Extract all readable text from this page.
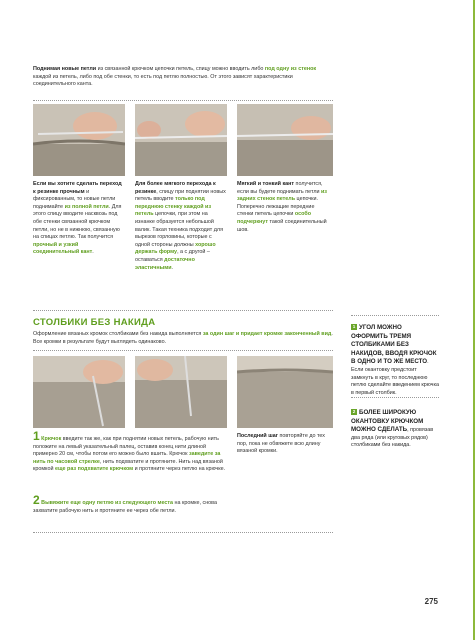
Поднимая новые петли из связанной крючком цепочки петель, спицу можно вводить либо под одну из стенок каждой из петель, либо под обе стенки, то есть под петлю полностью. От этого зависят характеристики соединительного канта.

Если вы хотите сделать переход к резинке прочным и фиксированным, то новые петли поднимайте из полной петли. Для этого спицу вводите насквозь под обе стенки связанной крючком петли, но не в нижнюю, связанную на спицах петлю. Так получится прочный и узкий соединительный кант.

Для более мягкого перехода к резинке, спицу при поднятии новых петель вводите только под переднюю стенку каждой из петель цепочки, при этом на изнанке образуется небольшой валик. Такая техника подходит для вырезов горловины, которые с одной стороны должны хорошо держать форму, а с другой – оставаться достаточно эластичными.

Мягкий и тонкий кант получится, если вы будете поднимать петли из задних стенок петель цепочки. Поперечно лежащие передние стенки петель цепочки особо подчеркнут такой соединительный шов.

СТОЛБИКИ БЕЗ НАКИДА

Оформление вязаных кромок столбиками без накида выполняется за один шаг и придает кромке законченный вид. Все кромки в результате будут выглядеть одинаково.

1 Крючок введите так же, как при поднятии новых петель, рабочую нить положите на левый указательный палец, оставив конец нити длиной примерно 20 см, чтобы потом его можно было вшить. Крючок заведите за нить по часовой стрелке, нить подхватите и протяните. Нить над вязаной кромкой еще раз подхватите крючком и протяните через петлю на крючке.

2 Вывяжите еще одну петлю из следующего места на кромке, снова захватите рабочую нить и протяните ее через обе петли.

Последний шаг повторяйте до тех пор, пока не обвяжете всю длину вязаной кромки.

1 УГОЛ МОЖНО ОФОРМИТЬ ТРЕМЯ СТОЛБИКАМИ БЕЗ НАКИДОВ, ВВОДЯ КРЮЧОК В ОДНО И ТО ЖЕ МЕСТО. Если окантовку предстоит замкнуть в круг, то последнюю петлю сделайте введением крючка в первый столбик.

2 БОЛЕЕ ШИРОКУЮ ОКАНТОВКУ КРЮЧКОМ МОЖНО СДЕЛАТЬ, провязав два ряда (или круговых рядов) столбиками без накида.

275
